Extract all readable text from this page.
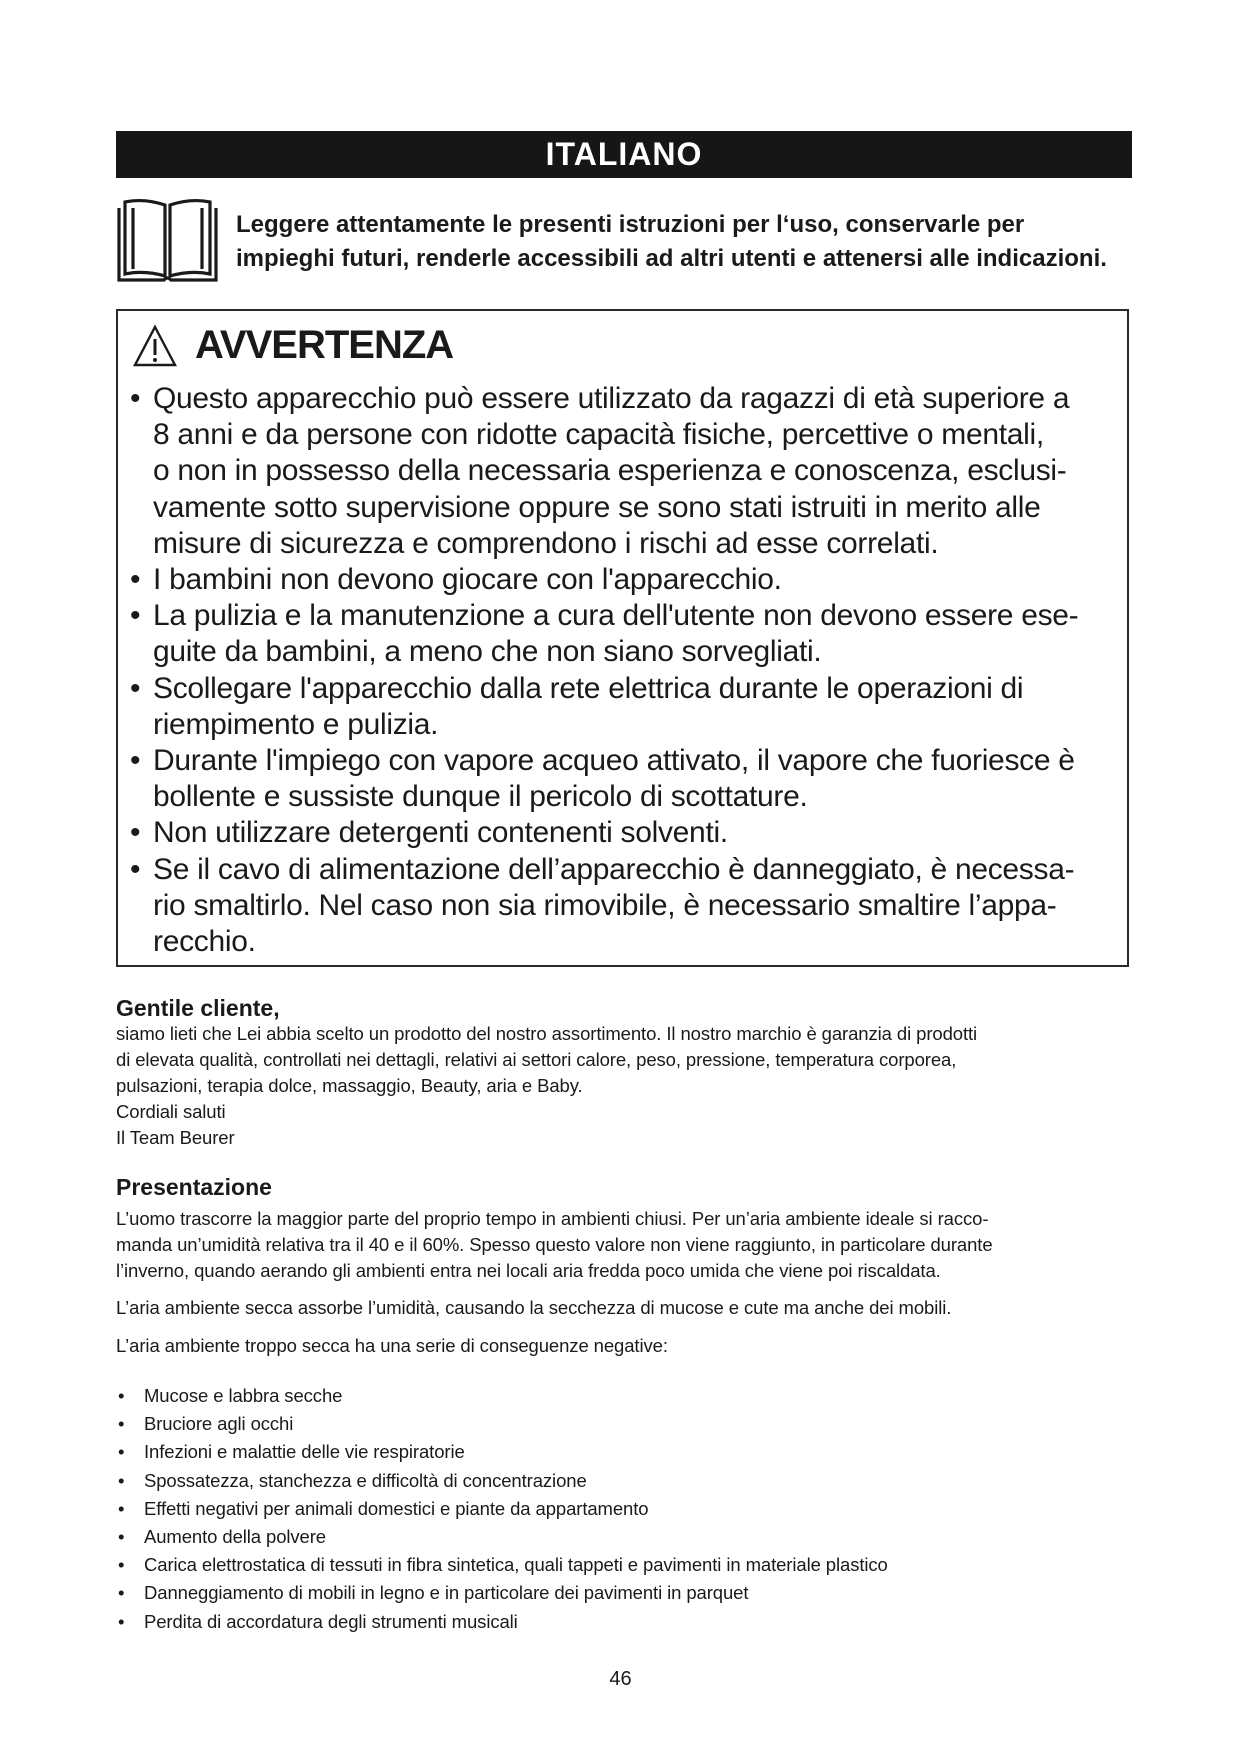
ITALIANO
Leggere attentamente le presenti istruzioni per l‘uso, conservarle per
impieghi futuri, renderle accessibili ad altri utenti e attenersi alle indicazioni.
AVVERTENZA
• Questo apparecchio può essere utilizzato da ragazzi di età superiore a
8 anni e da persone con ridotte capacità fisiche, percettive o mentali,
o non in possesso della necessaria esperienza e conoscenza, esclusi-
vamente sotto supervisione oppure se sono stati istruiti in merito alle
misure di sicurezza e comprendono i rischi ad esse correlati.
• I bambini non devono giocare con l'apparecchio.
• La pulizia e la manutenzione a cura dell'utente non devono essere ese-
guite da bambini, a meno che non siano sorvegliati.
• Scollegare l'apparecchio dalla rete elettrica durante le operazioni di
riempimento e pulizia.
• Durante l'impiego con vapore acqueo attivato, il vapore che fuoriesce è
bollente e sussiste dunque il pericolo di scottature.
• Non utilizzare detergenti contenenti solventi.
• Se il cavo di alimentazione dell’apparecchio è danneggiato, è necessa-
rio smaltirlo. Nel caso non sia rimovibile, è necessario smaltire l’appa-
recchio.
Gentile cliente,
siamo lieti che Lei abbia scelto un prodotto del nostro assortimento. Il nostro marchio è garanzia di prodotti
di elevata qualità, controllati nei dettagli, relativi ai settori calore, peso, pressione, temperatura corporea,
pulsazioni, terapia dolce, massaggio, Beauty, aria e Baby.
Cordiali saluti
Il Team Beurer
Presentazione
L’uomo trascorre la maggior parte del proprio tempo in ambienti chiusi. Per un’aria ambiente ideale si racco-
manda un’umidità relativa tra il 40 e il 60%. Spesso questo valore non viene raggiunto, in particolare durante
l’inverno, quando aerando gli ambienti entra nei locali aria fredda poco umida che viene poi riscaldata.
L’aria ambiente secca assorbe l’umidità, causando la secchezza di mucose e cute ma anche dei mobili.
L’aria ambiente troppo secca ha una serie di conseguenze negative:
• Mucose e labbra secche
• Bruciore agli occhi
• Infezioni e malattie delle vie respiratorie
• Spossatezza, stanchezza e difficoltà di concentrazione
• Effetti negativi per animali domestici e piante da appartamento
• Aumento della polvere
• Carica elettrostatica di tessuti in fibra sintetica, quali tappeti e pavimenti in materiale plastico
• Danneggiamento di mobili in legno e in particolare dei pavimenti in parquet
• Perdita di accordatura degli strumenti musicali
46
